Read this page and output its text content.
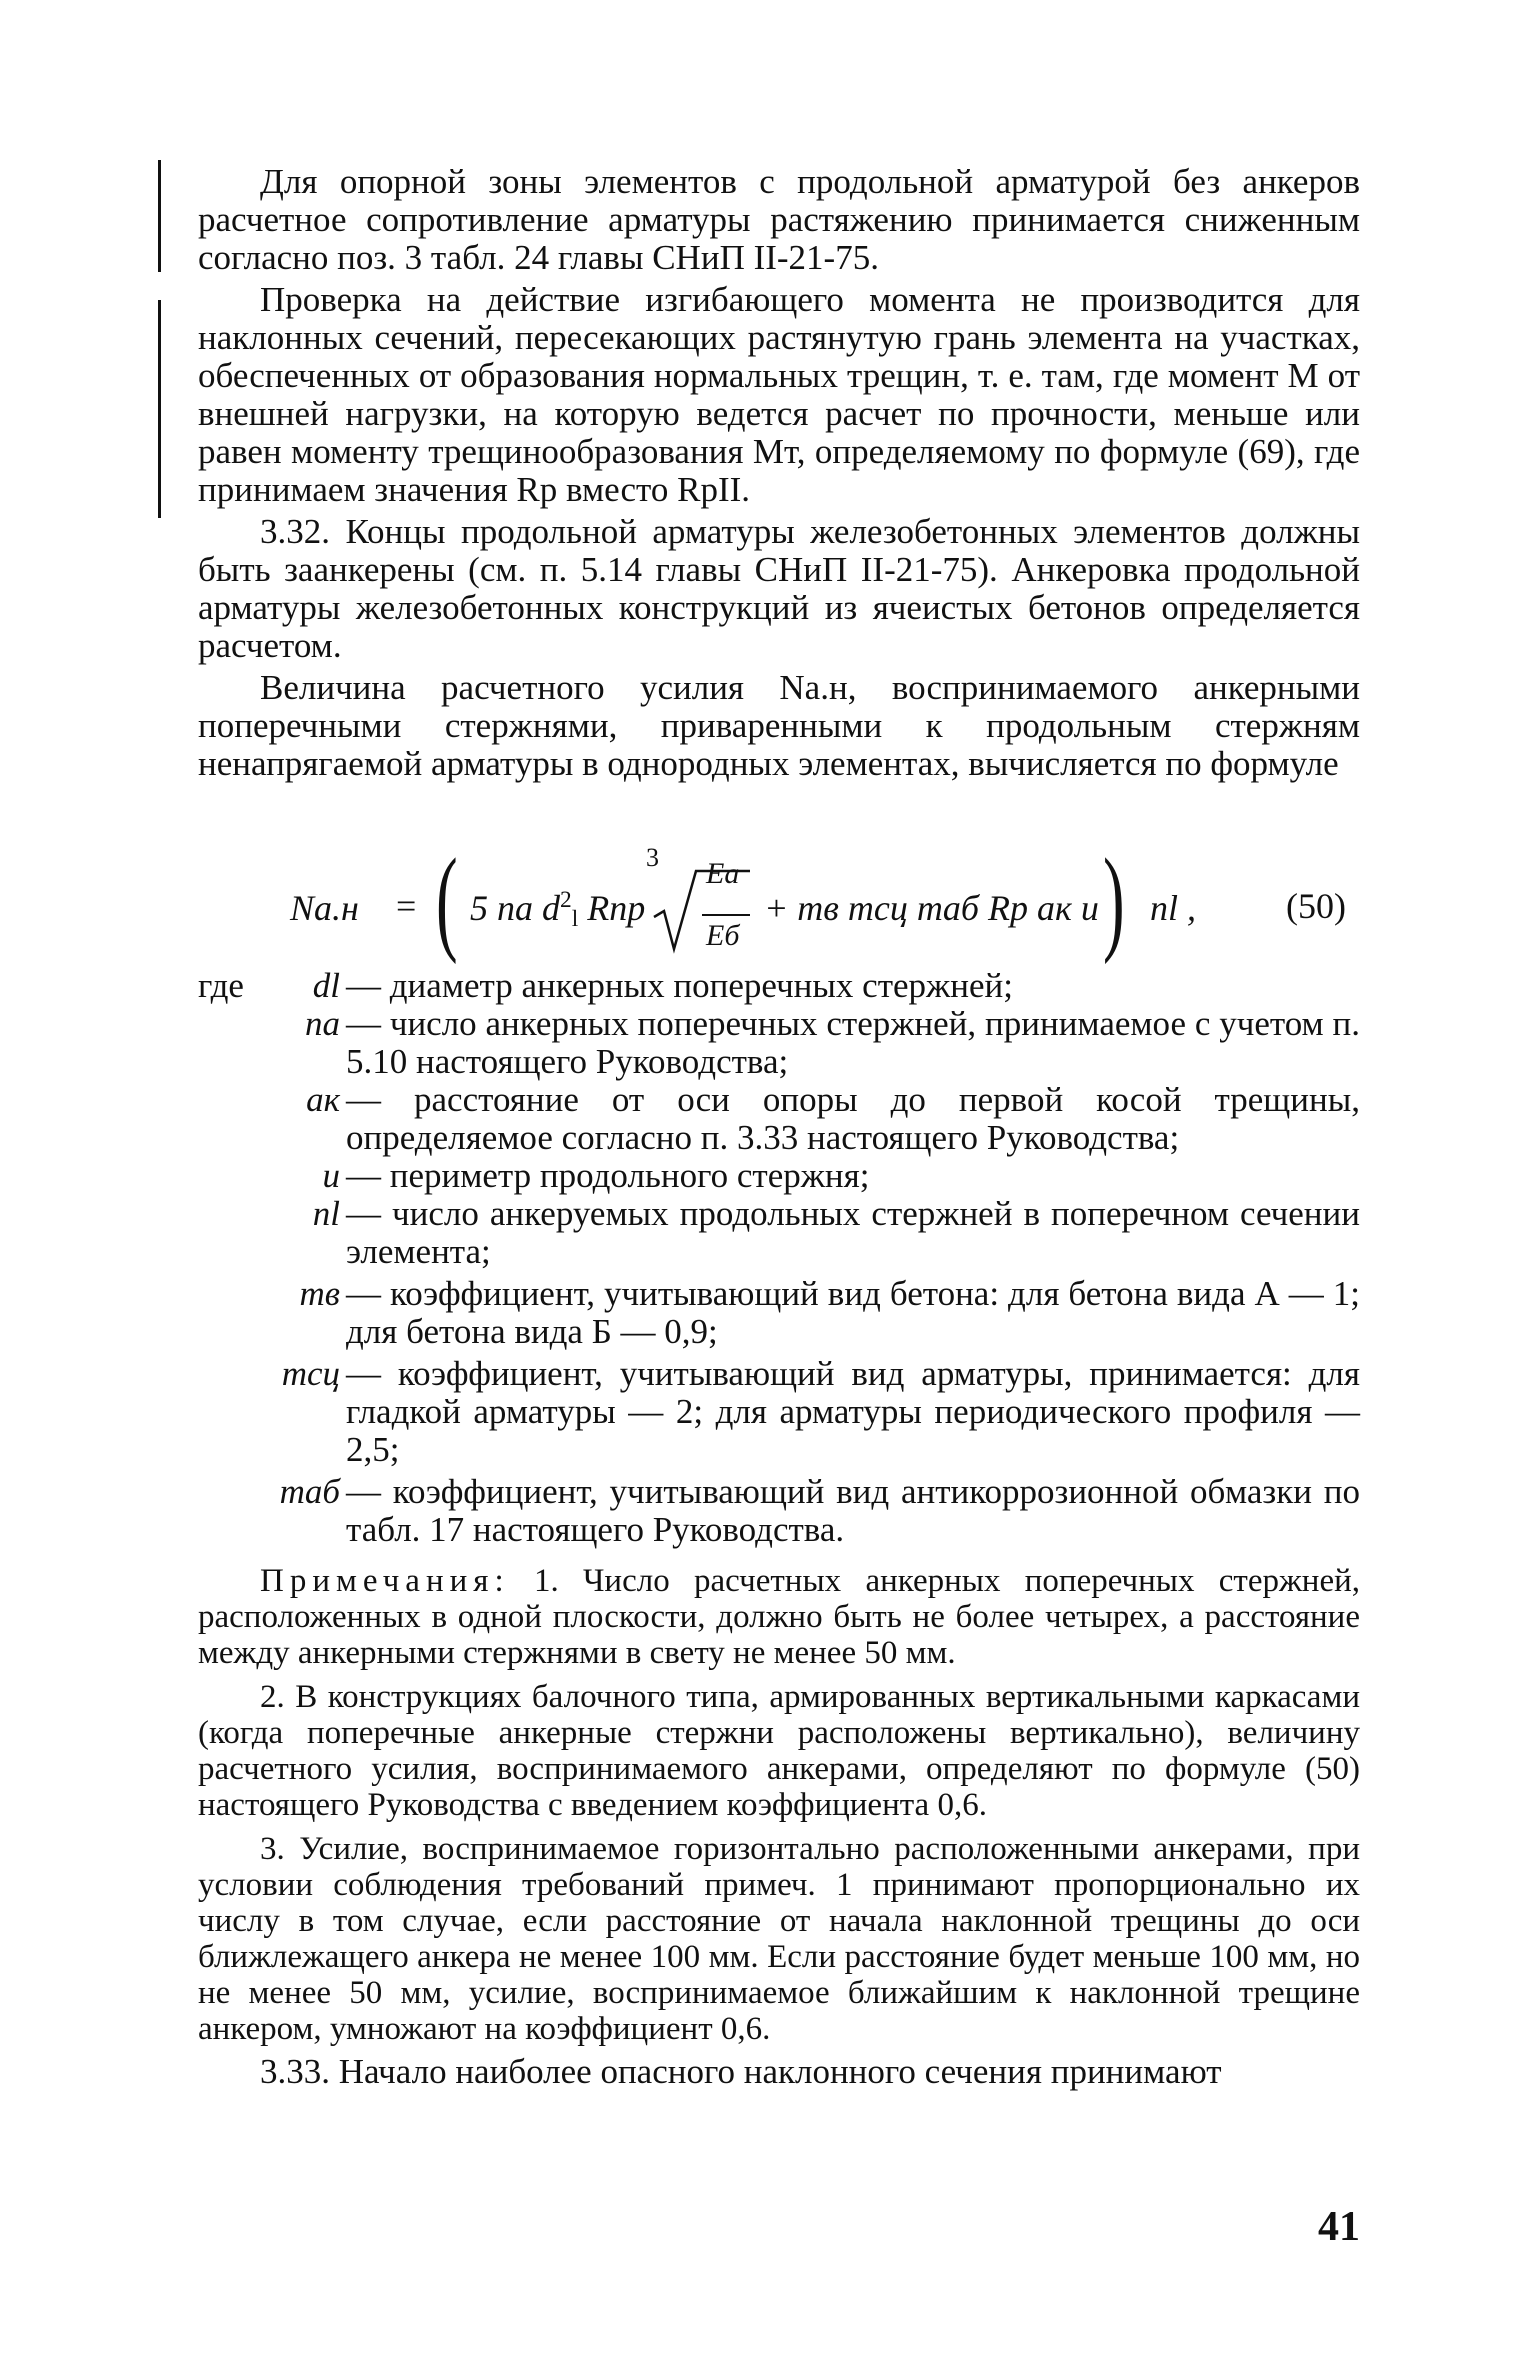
Для опорной зоны элементов с продольной арматурой без анкеров расчетное сопротивление арматуры растяжению принимается сниженным согласно поз. 3 табл. 24 главы СНиП II-21-75.

Проверка на действие изгибающего момента не производится для наклонных сечений, пересекающих растянутую грань элемента на участках, обеспеченных от образования нормальных трещин, т. е. там, где момент М от внешней нагрузки, на которую ведется расчет по прочности, меньше или равен моменту трещинообразования Мт, определяемому по формуле (69), где принимаем значения Rр вместо RрII.

3.32. Концы продольной арматуры железобетонных элементов должны быть заанкерены (см. п. 5.14 главы СНиП II-21-75). Анкеровка продольной арматуры железобетонных конструкций из ячеистых бетонов определяется расчетом.

Величина расчетного усилия Nа.н, воспринимаемого анкерными поперечными стержнями, приваренными к продольным стержням ненапрягаемой арматуры в однородных элементах, вычисляется по формуле

Nа.н = ( 5 nа $d^2_l$ Rпр
3 Eа
Eб
+ mв mсц mаб Rр aк u ) nl , (50)
где	dl — диаметр анкерных поперечных стержней;
nа — число анкерных поперечных стержней, принимаемое с учетом п. 5.10 настоящего Руководства;
aк — расстояние от оси опоры до первой косой трещины, определяемое согласно п. 3.33 настоящего Руководства;
u — периметр продольного стержня;
nl — число анкеруемых продольных стержней в поперечном сечении элемента;
mв — коэффициент, учитывающий вид бетона: для бетона вида А — 1; для бетона вида Б — 0,9;
mсц — коэффициент, учитывающий вид арматуры, принимается: для гладкой арматуры — 2; для арматуры периодического профиля — 2,5;
mаб — коэффициент, учитывающий вид антикоррозионной обмазки по табл. 17 настоящего Руководства.

Примечания: 1. Число расчетных анкерных поперечных стержней, расположенных в одной плоскости, должно быть не более четырех, а расстояние между анкерными стержнями в свету не менее 50 мм.

2. В конструкциях балочного типа, армированных вертикальными каркасами (когда поперечные анкерные стержни расположены вертикально), величину расчетного усилия, воспринимаемого анкерами, определяют по формуле (50) настоящего Руководства с введением коэффициента 0,6.

3. Усилие, воспринимаемое горизонтально расположенными анкерами, при условии соблюдения требований примеч. 1 принимают пропорционально их числу в том случае, если расстояние от начала наклонной трещины до оси ближлежащего анкера не менее 100 мм. Если расстояние будет меньше 100 мм, но не менее 50 мм, усилие, воспринимаемое ближайшим к наклонной трещине анкером, умножают на коэффициент 0,6.

3.33. Начало наиболее опасного наклонного сечения принимают

41
